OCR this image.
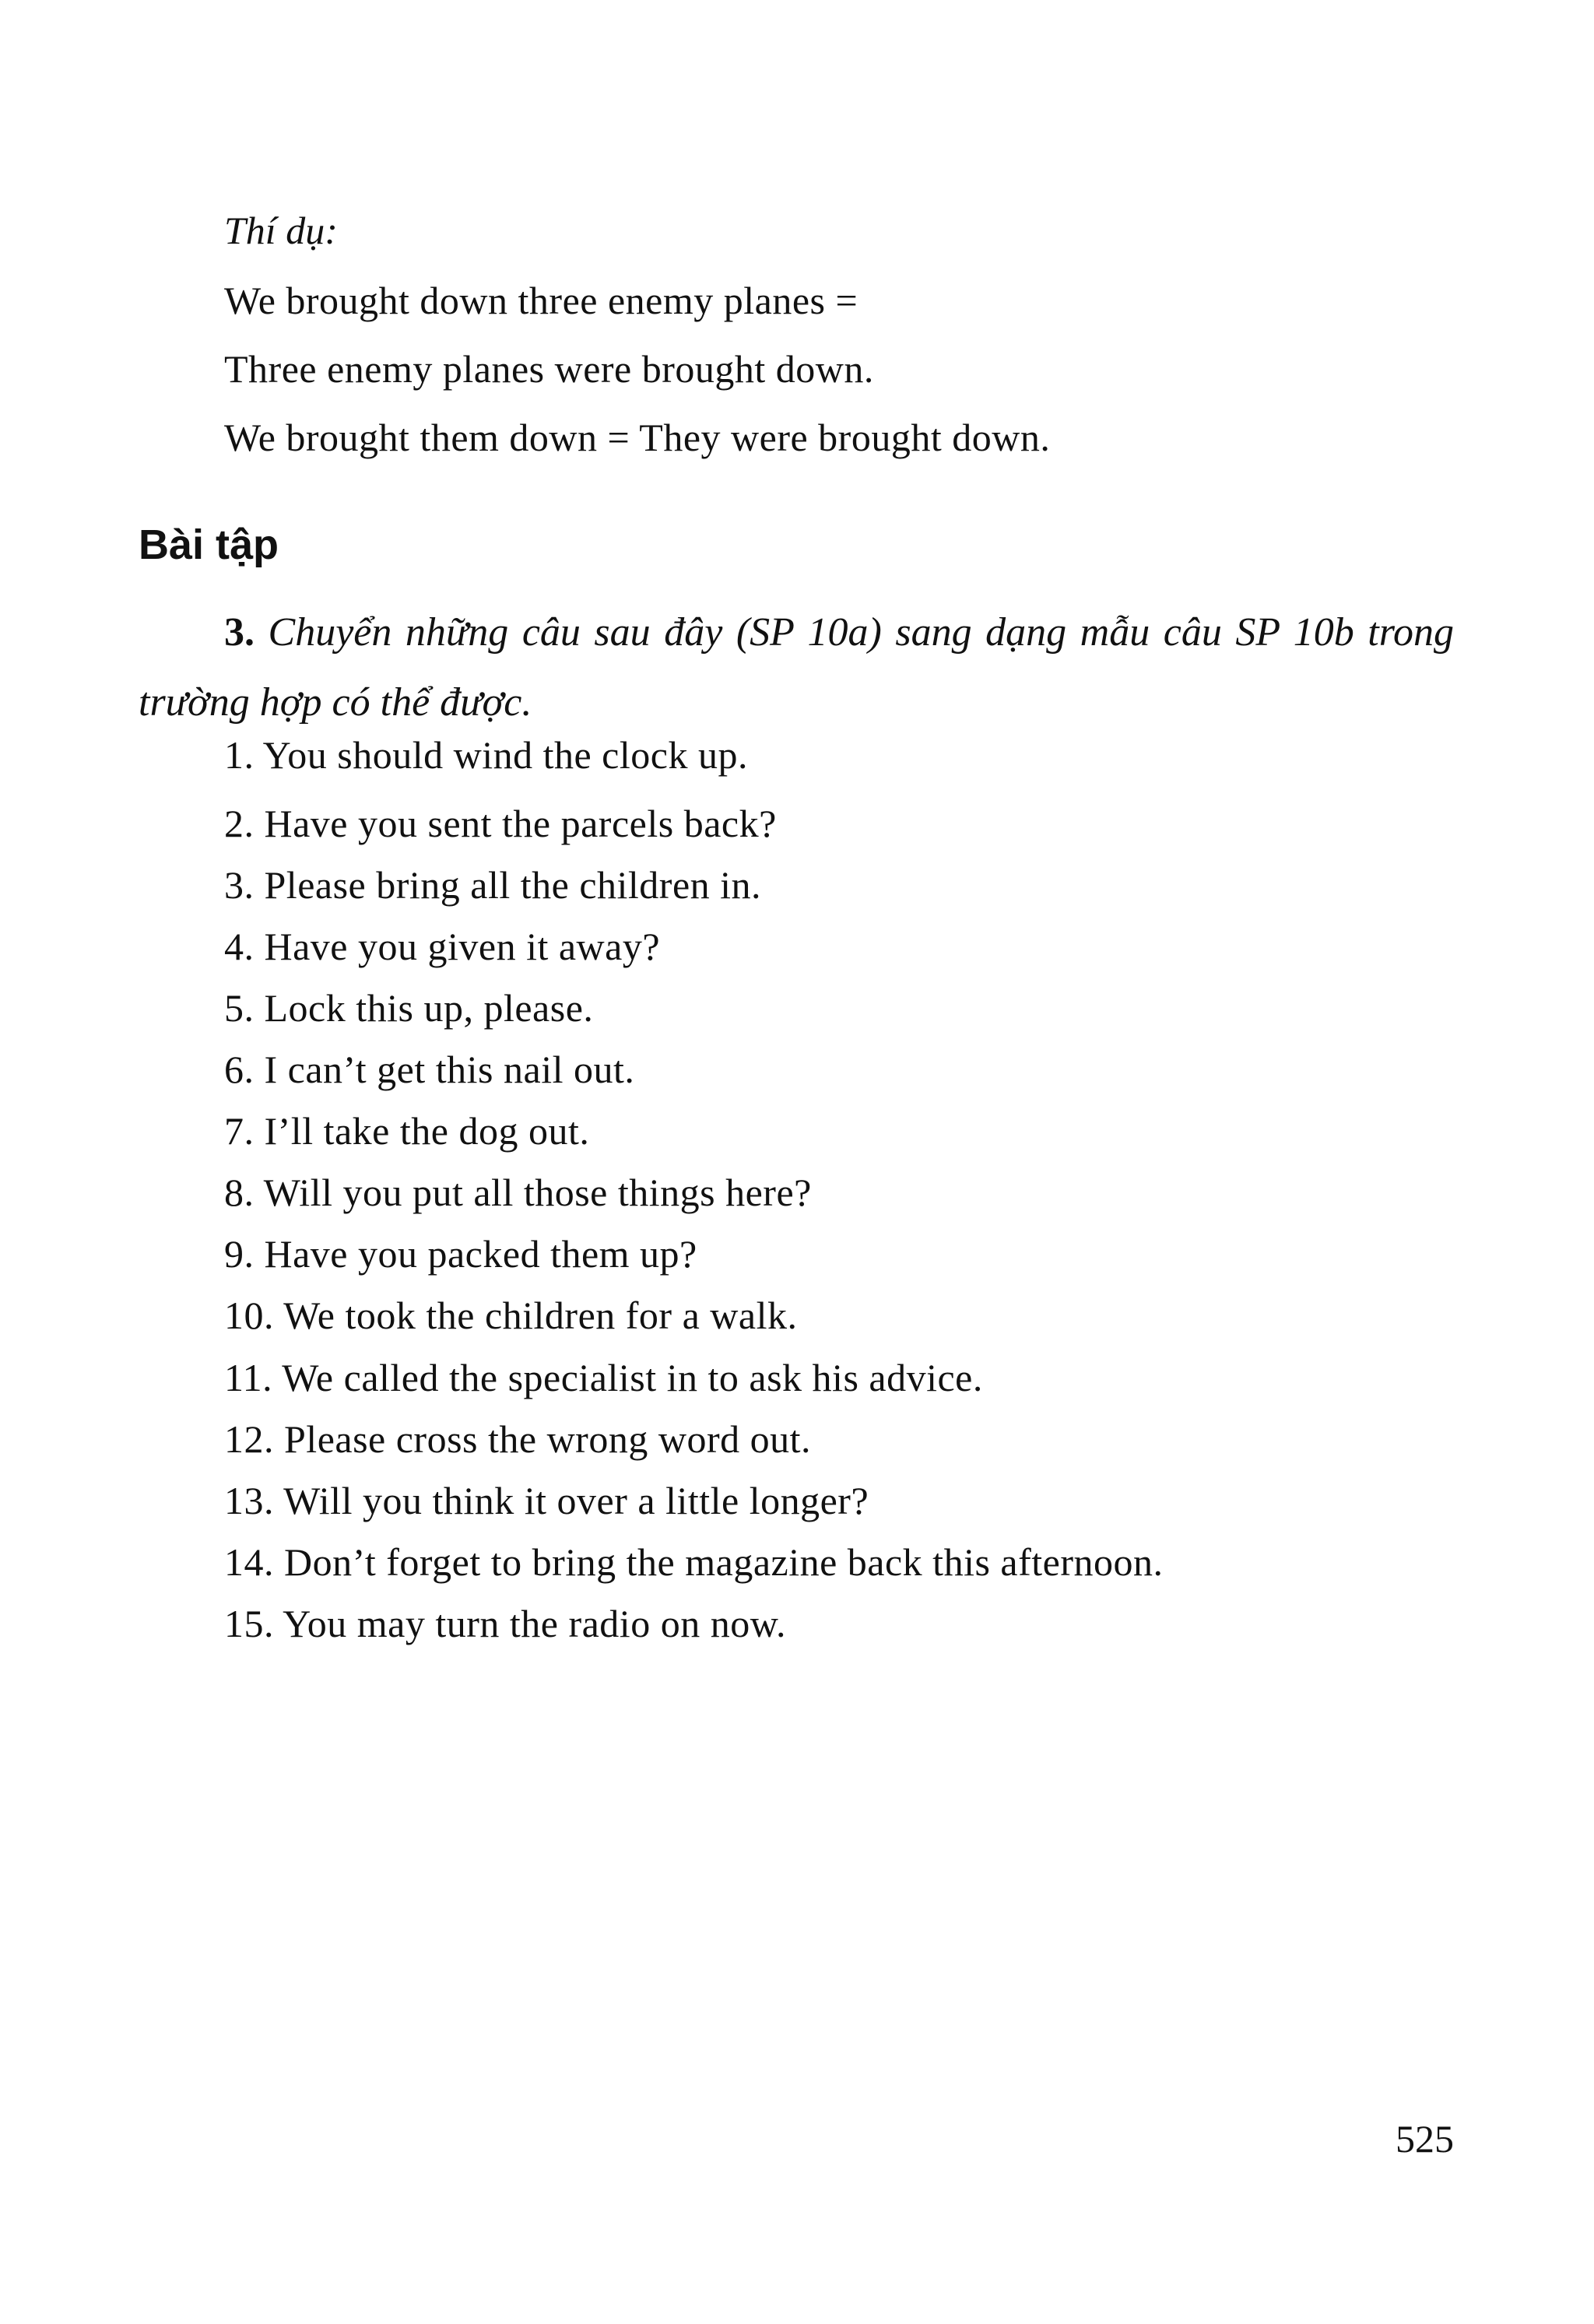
Thí dụ:
We brought down three enemy planes =
Three enemy planes were brought down.
We brought them down = They were brought down.
Bài tập
3. Chuyển những câu sau đây (SP 10a) sang dạng mẫu câu SP 10b trong trường hợp có thể được.
1. You should wind the clock up.
2. Have you sent the parcels back?
3. Please bring all the children in.
4. Have you given it away?
5. Lock this up, please.
6. I can’t get this nail out.
7. I’ll take the dog out.
8. Will you put all those things here?
9. Have you packed them up?
10. We took the children for a walk.
11. We called the specialist in to ask his advice.
12. Please cross the wrong word out.
13. Will you think it over a little longer?
14. Don’t forget to bring the magazine back this afternoon.
15. You may turn the radio on now.
525
